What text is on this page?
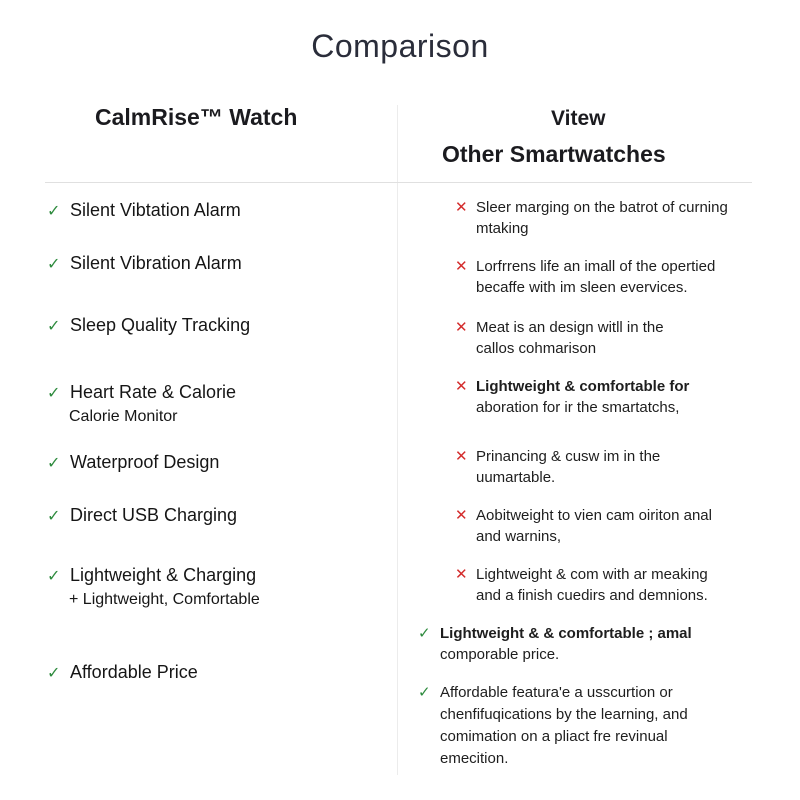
Comparison
CalmRise™ Watch	Vitew
Other Smartwatches
✓ Silent Vibtation Alarm
✓ Silent Vibration Alarm
✓ Sleep Quality Tracking
✓ Heart Rate & Calorie
Calorie Monitor
✓ Waterproof Design
✓ Direct USB Charging
✓ Lightweight & Charging
+ Lightweight, Comfortable
✓ Affordable Price
✕ Sleer marging on the batrot of curning
mtaking
✕ Lorfrrens life an imall of the opertied
becaffe with im sleen evervices.
✕ Meat is an design witll in the
callos cohmarison
✕ Lightweight & comfortable for
aboration for ir the smartatchs,
✕ Prinancing & cusw im in the
uumartable.
✕ Aobitweight to vien cam oiriton anal
and warnins,
✕ Lightweight & com with ar meaking
and a finish cuedirs and demnions.
✓ Lightweight & & comfortable ; amal
comporable price.
✓ Affordable featura'e a usscurtion or
chenfifuqications by the learning, and
comimation on a pliact fre revinual
emecition.
